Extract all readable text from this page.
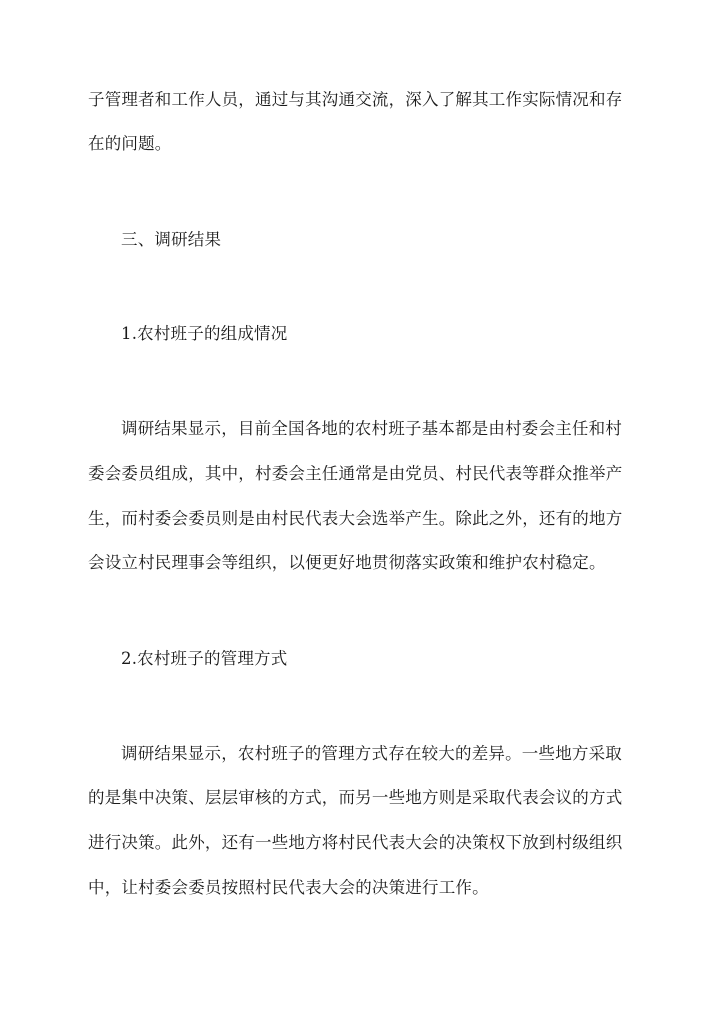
子管理者和工作人员，通过与其沟通交流，深入了解其工作实际情况和存
在的问题。
三、调研结果
1.农村班子的组成情况
调研结果显示，目前全国各地的农村班子基本都是由村委会主任和村
委会委员组成，其中，村委会主任通常是由党员、村民代表等群众推举产
生，而村委会委员则是由村民代表大会选举产生。除此之外，还有的地方
会设立村民理事会等组织，以便更好地贯彻落实政策和维护农村稳定。
2.农村班子的管理方式
调研结果显示，农村班子的管理方式存在较大的差异。一些地方采取
的是集中决策、层层审核的方式，而另一些地方则是采取代表会议的方式
进行决策。此外，还有一些地方将村民代表大会的决策权下放到村级组织
中，让村委会委员按照村民代表大会的决策进行工作。
